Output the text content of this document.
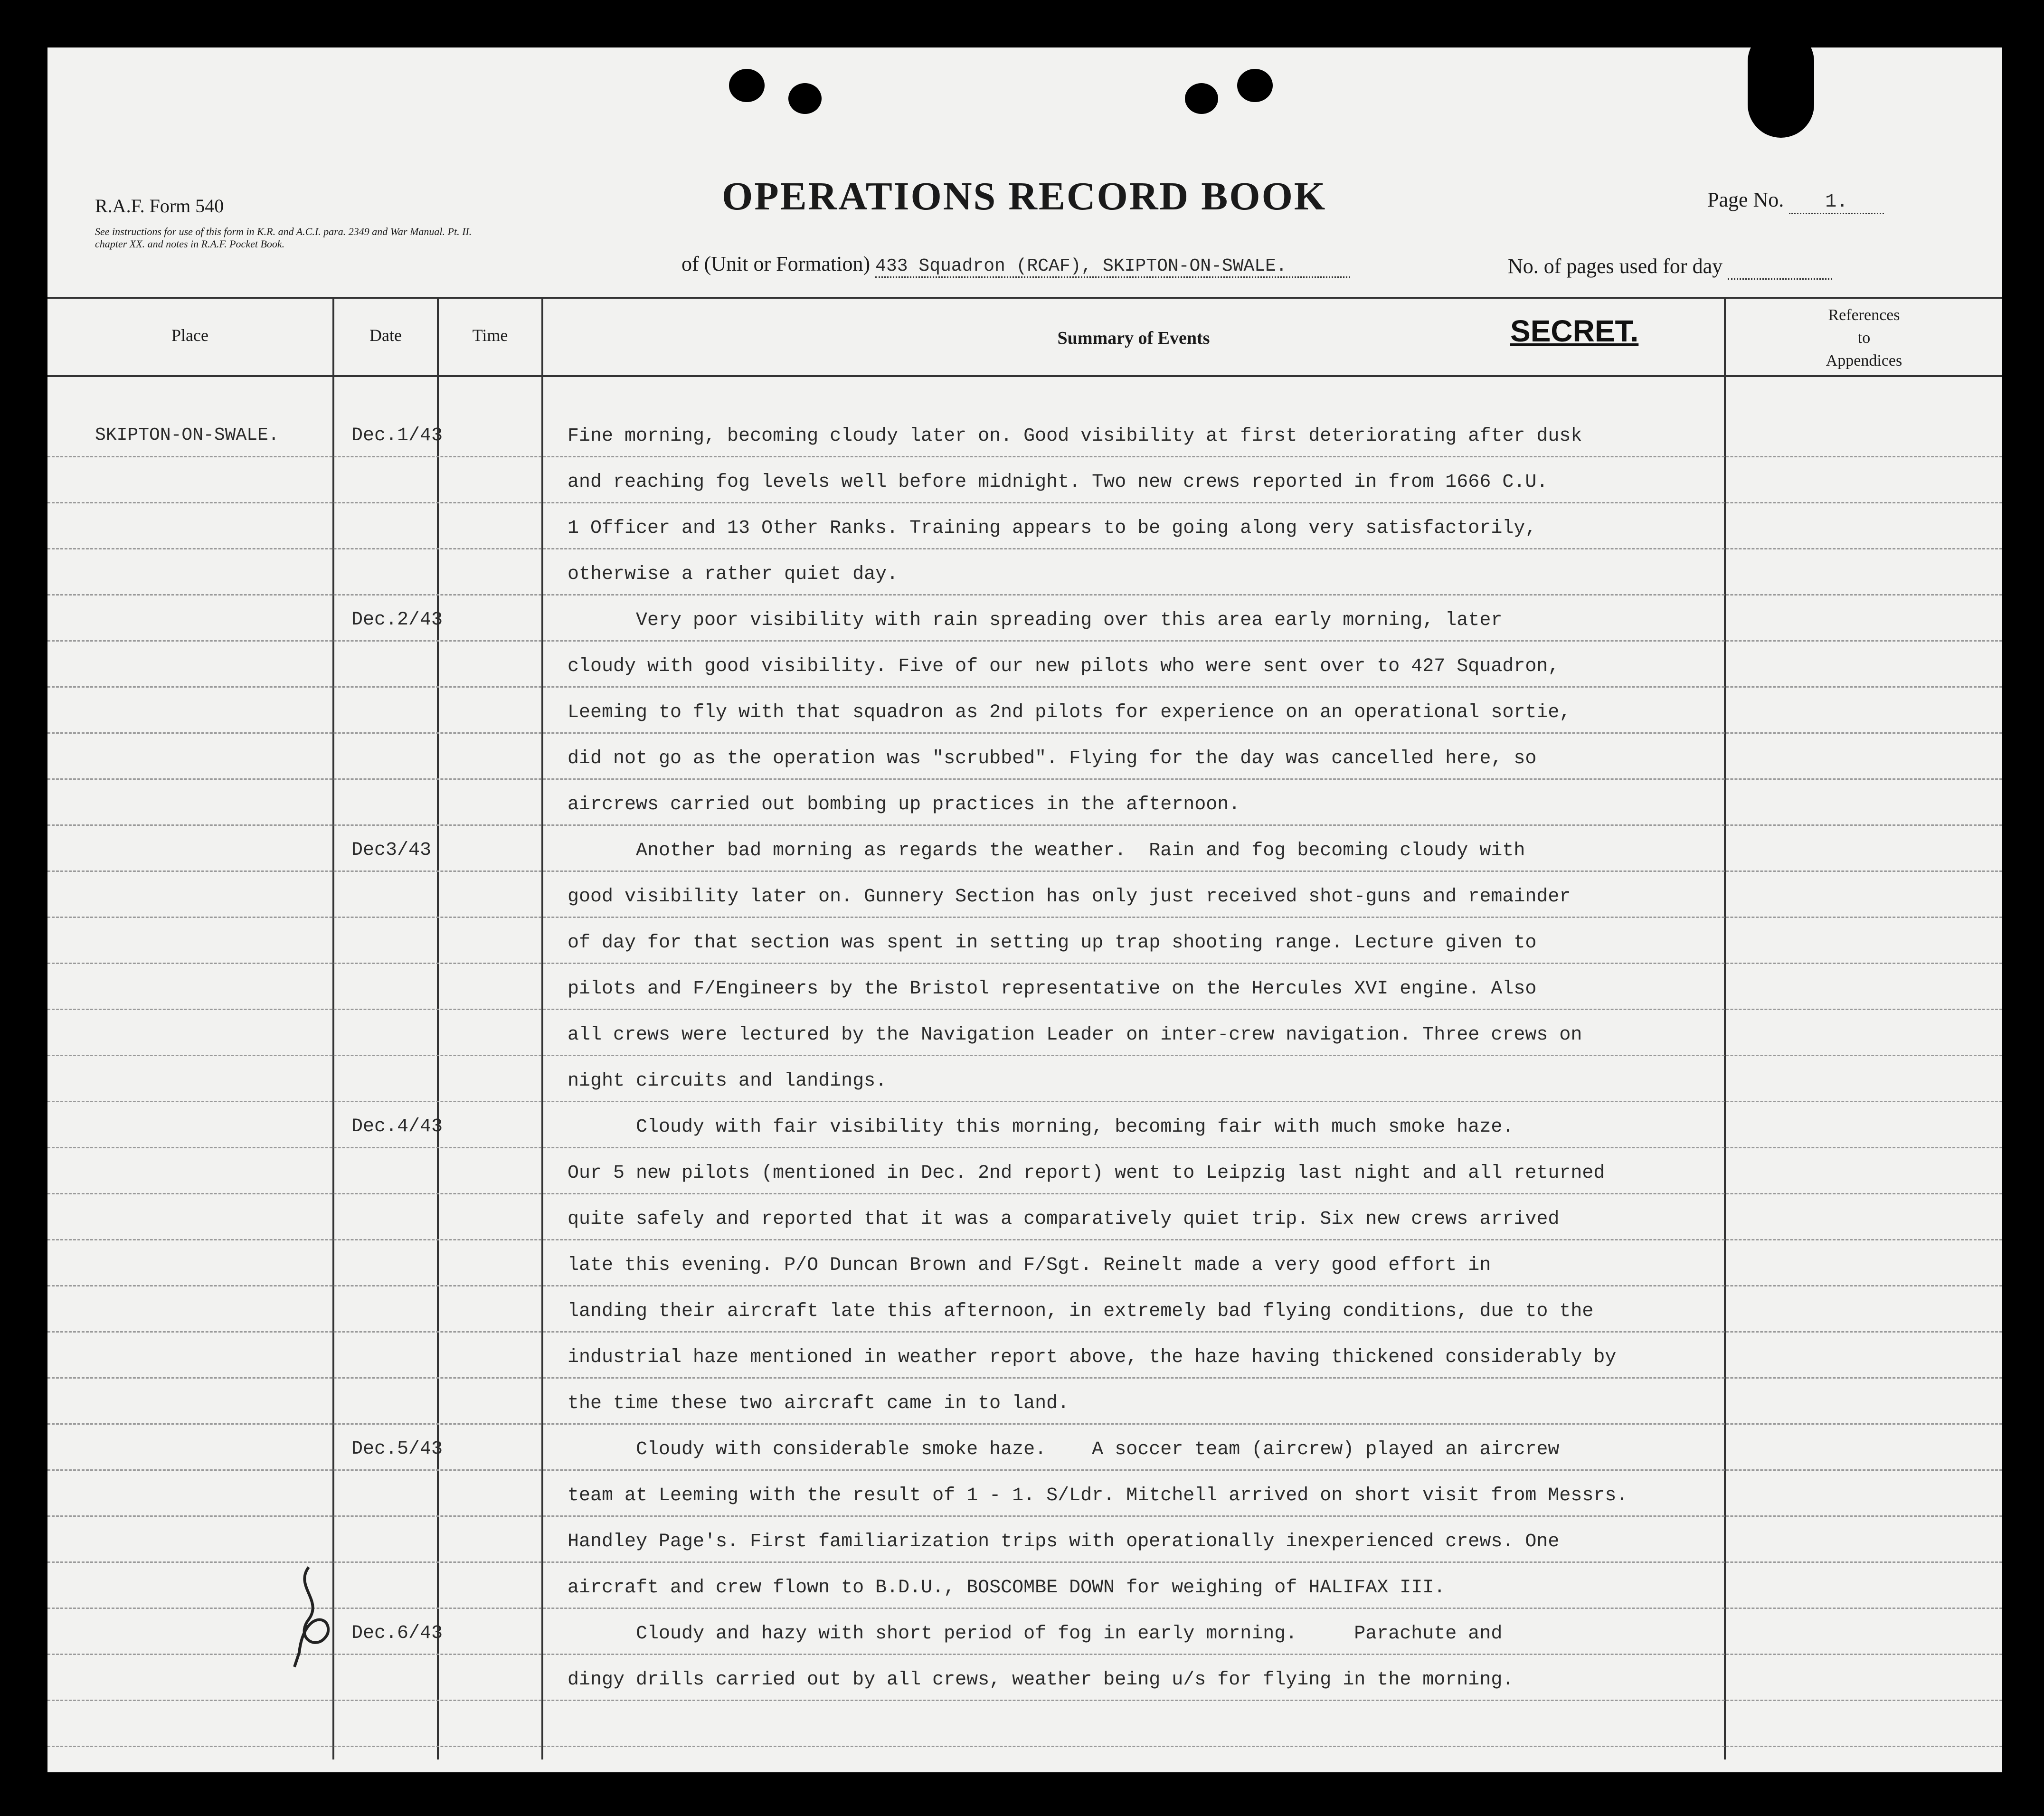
R.A.F. Form 540
See instructions for use of this form in K.R. and A.C.I. para. 2349 and War Manual. Pt. II. chapter XX. and notes in R.A.F. Pocket Book.
OPERATIONS RECORD BOOK	Page No. 1.
of (Unit or Formation) 433 Squadron (RCAF), SKIPTON-ON-SWALE.	No. of pages used for day
Place	Date	Time	Summary of Events	SECRET.	References
to
Appendices
SKIPTON-ON-SWALE.	Dec.1/43	Fine morning, becoming cloudy later on. Good visibility at first deteriorating after dusk

and reaching fog levels well before midnight. Two new crews reported in from 1666 C.U.

1 Officer and 13 Other Ranks. Training appears to be going along very satisfactorily,

otherwise a rather quiet day.

Dec.2/43	Very poor visibility with rain spreading over this area early morning, later

cloudy with good visibility. Five of our new pilots who were sent over to 427 Squadron,

Leeming to fly with that squadron as 2nd pilots for experience on an operational sortie,

did not go as the operation was "scrubbed". Flying for the day was cancelled here, so

aircrews carried out bombing up practices in the afternoon.

Dec3/43	Another bad morning as regards the weather.  Rain and fog becoming cloudy with

good visibility later on. Gunnery Section has only just received shot-guns and remainder

of day for that section was spent in setting up trap shooting range. Lecture given to

pilots and F/Engineers by the Bristol representative on the Hercules XVI engine. Also

all crews were lectured by the Navigation Leader on inter-crew navigation. Three crews on

night circuits and landings.

Dec.4/43	Cloudy with fair visibility this morning, becoming fair with much smoke haze.

Our 5 new pilots (mentioned in Dec. 2nd report) went to Leipzig last night and all returned

quite safely and reported that it was a comparatively quiet trip. Six new crews arrived

late this evening. P/O Duncan Brown and F/Sgt. Reinelt made a very good effort in

landing their aircraft late this afternoon, in extremely bad flying conditions, due to the

industrial haze mentioned in weather report above, the haze having thickened considerably by

the time these two aircraft came in to land.

Dec.5/43	Cloudy with considerable smoke haze.    A soccer team (aircrew) played an aircrew

team at Leeming with the result of 1 - 1. S/Ldr. Mitchell arrived on short visit from Messrs.

Handley Page's. First familiarization trips with operationally inexperienced crews. One

aircraft and crew flown to B.D.U., BOSCOMBE DOWN for weighing of HALIFAX III.

Dec.6/43	Cloudy and hazy with short period of fog in early morning.     Parachute and

dingy drills carried out by all crews, weather being u/s for flying in the morning.
